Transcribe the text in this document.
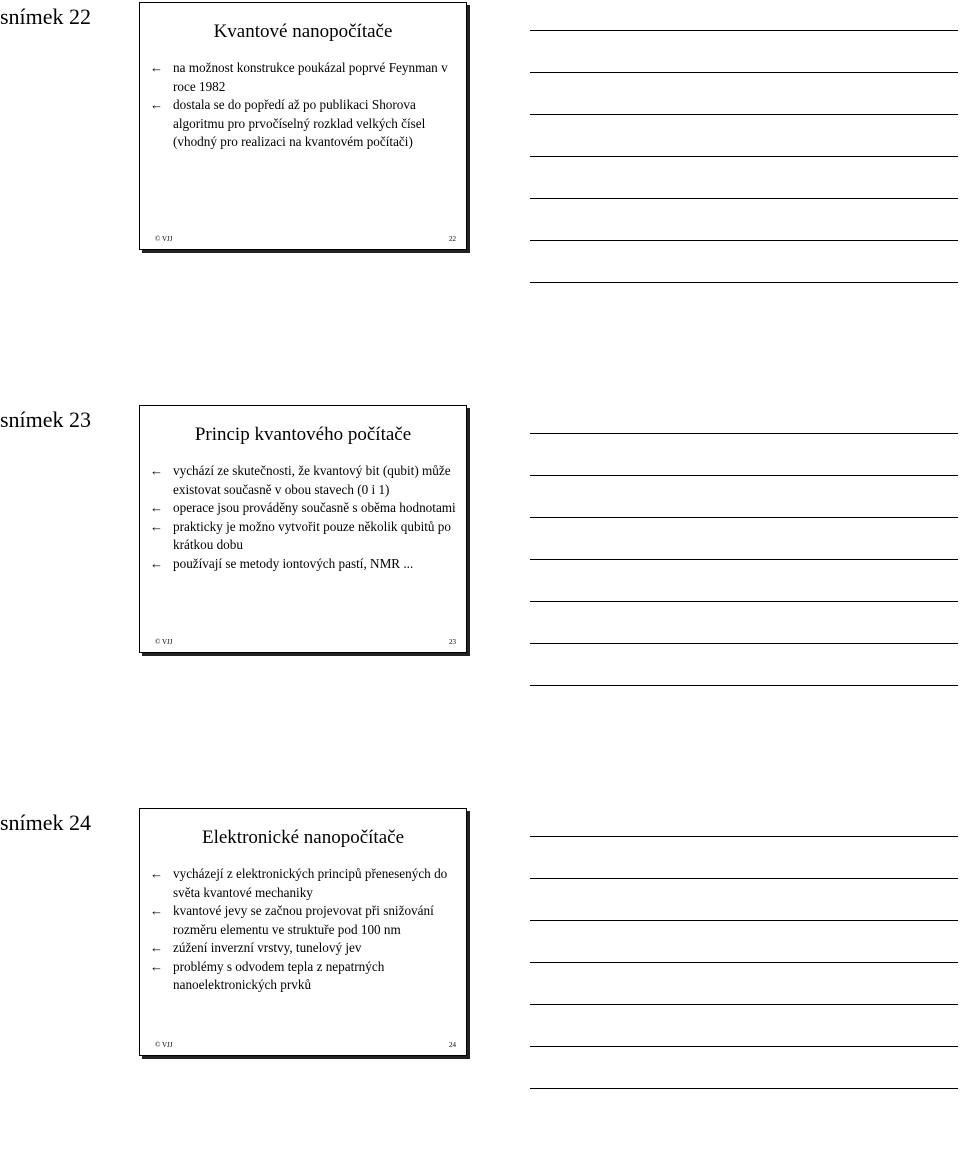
snímek 22
Kvantové nanopočítače
← na možnost konstrukce poukázal poprvé Feynman v roce 1982
← dostala se do popředí až po publikaci Shorova algoritmu pro prvočíselný rozklad velkých čísel (vhodný pro realizaci na kvantovém počítači)
© VJJ	22
snímek 23
Princip kvantového počítače
← vychází ze skutečnosti, že kvantový bit (qubit) může existovat současně v obou stavech (0 i 1)
← operace jsou prováděny současně s oběma hodnotami
← prakticky je možno vytvořit pouze několik qubitů po krátkou dobu
← používají se metody iontových pastí, NMR ...
© VJJ	23
snímek 24
Elektronické nanopočítače
← vycházejí z elektronických principů přenesených do světa kvantové mechaniky
← kvantové jevy se začnou projevovat při snižování rozměru elementu ve struktuře pod 100 nm
← zúžení inverzní vrstvy, tunelový jev
← problémy s odvodem tepla z nepatrných nanoelektronických prvků
© VJJ	24
